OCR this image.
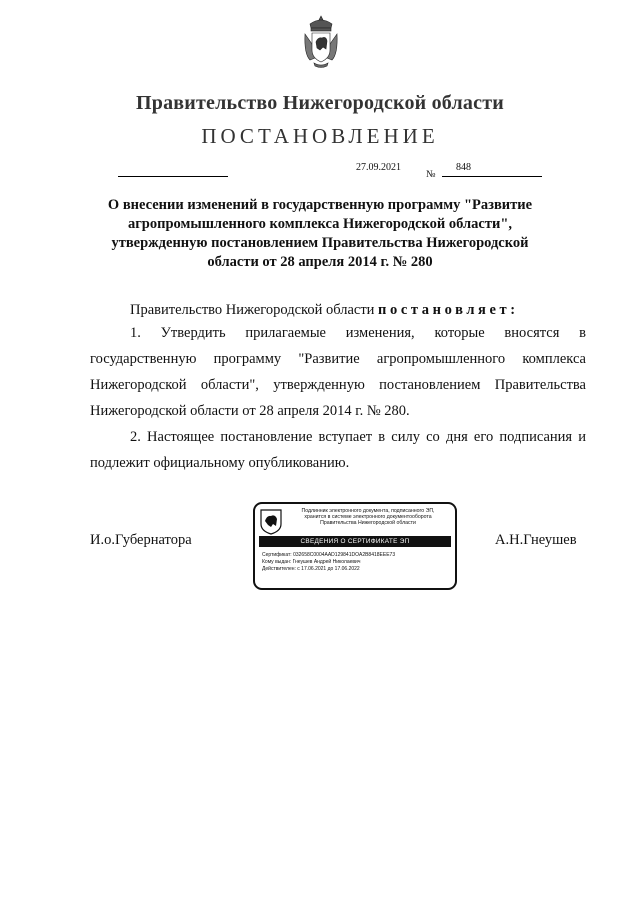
Правительство Нижегородской области
ПОСТАНОВЛЕНИЕ
27.09.2021
№
848
О внесении изменений в государственную программу "Развитие агропромышленного комплекса Нижегородской области", утвержденную постановлением Правительства Нижегородской области от 28 апреля 2014 г. № 280
Правительство Нижегородской области постановляет:
1. Утвердить прилагаемые изменения, которые вносятся в государственную программу "Развитие агропромышленного комплекса Нижегородской области", утвержденную постановлением Правительства Нижегородской области от 28 апреля 2014 г. № 280.
2. Настоящее постановление вступает в силу со дня его подписания и подлежит официальному опубликованию.
И.о.Губернатора	А.Н.Гнеушев
Подлинник электронного документа, подписанного ЭП,
хранится в системе электронного документооборота
Правительства Нижегородской области
СВЕДЕНИЯ О СЕРТИФИКАТЕ ЭП
Сертификат: 032658C0004AAD129841DOA2B8418EEE73
Кому выдан: Гнеушев Андрей Николаевич
Действителен: с 17.06.2021 до 17.06.2022
